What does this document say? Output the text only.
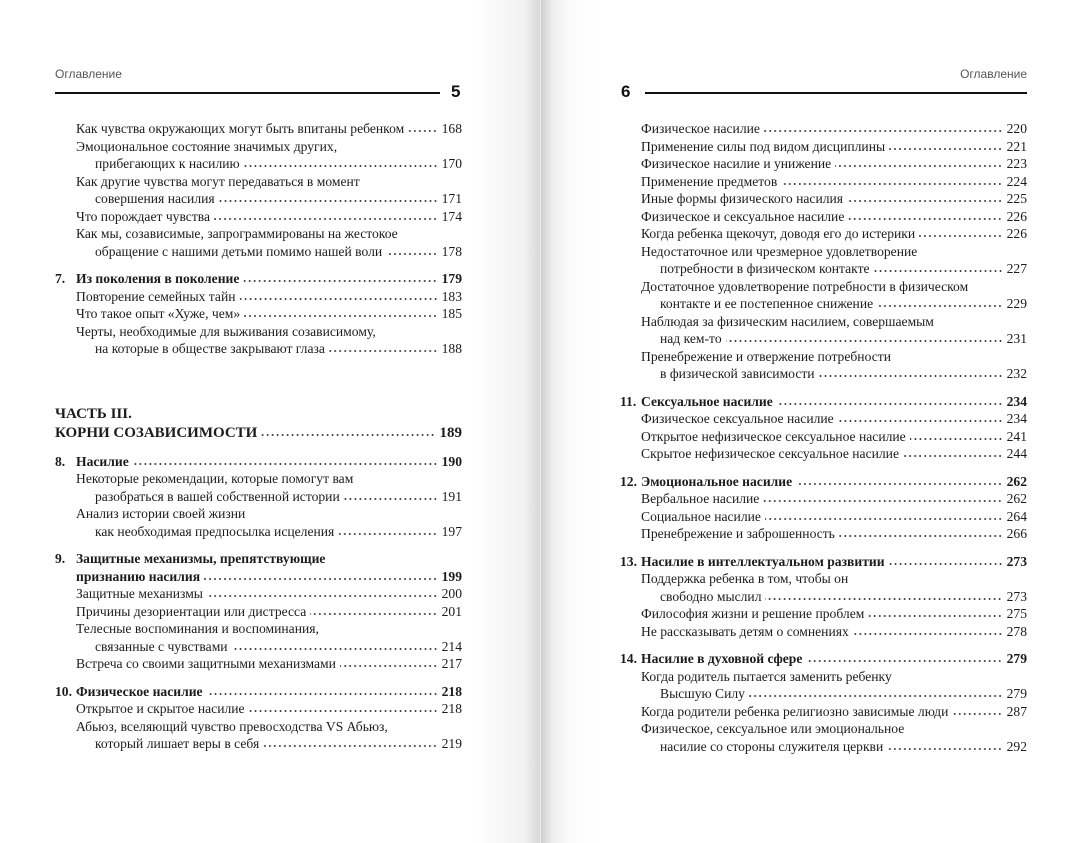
Оглавление
5
Как чувства окружающих могут быть впитаны ребенком	168
Эмоциональное состояние значимых других,
прибегающих к насилию	170
Как другие чувства могут передаваться в момент
совершения насилия	171
Что порождает чувства	174
Как мы, созависимые, запрограммированы на жестокое
обращение с нашими детьми помимо нашей воли	178
7. Из поколения в поколение	179
Повторение семейных тайн	183
Что такое опыт «Хуже, чем»	185
Черты, необходимые для выживания созависимому,
на которые в обществе закрывают глаза	188
ЧАСТЬ III.
КОРНИ СОЗАВИСИМОСТИ	189
8. Насилие	190
Некоторые рекомендации, которые помогут вам
разобраться в вашей собственной истории	191
Анализ истории своей жизни
как необходимая предпосылка исцеления	197
9. Защитные механизмы, препятствующие
признанию насилия	199
Защитные механизмы	200
Причины дезориентации или дистресса	201
Телесные воспоминания и воспоминания,
связанные с чувствами	214
Встреча со своими защитными механизмами	217
10. Физическое насилие	218
Открытое и скрытое насилие	218
Абьюз, вселяющий чувство превосходства VS Абьюз,
который лишает веры в себя	219
6
Оглавление
Физическое насилие	220
Применение силы под видом дисциплины	221
Физическое насилие и унижение	223
Применение предметов	224
Иные формы физического насилия	225
Физическое и сексуальное насилие	226
Когда ребенка щекочут, доводя его до истерики	226
Недостаточное или чрезмерное удовлетворение
потребности в физическом контакте	227
Достаточное удовлетворение потребности в физическом
контакте и ее постепенное снижение	229
Наблюдая за физическим насилием, совершаемым
над кем-то	231
Пренебрежение и отвержение потребности
в физической зависимости	232
11. Сексуальное насилие	234
Физическое сексуальное насилие	234
Открытое нефизическое сексуальное насилие	241
Скрытое нефизическое сексуальное насилие	244
12. Эмоциональное насилие	262
Вербальное насилие	262
Социальное насилие	264
Пренебрежение и заброшенность	266
13. Насилие в интеллектуальном развитии	273
Поддержка ребенка в том, чтобы он
свободно мыслил	273
Философия жизни и решение проблем	275
Не рассказывать детям о сомнениях	278
14. Насилие в духовной сфере	279
Когда родитель пытается заменить ребенку
Высшую Силу	279
Когда родители ребенка религиозно зависимые люди	287
Физическое, сексуальное или эмоциональное
насилие со стороны служителя церкви	292
